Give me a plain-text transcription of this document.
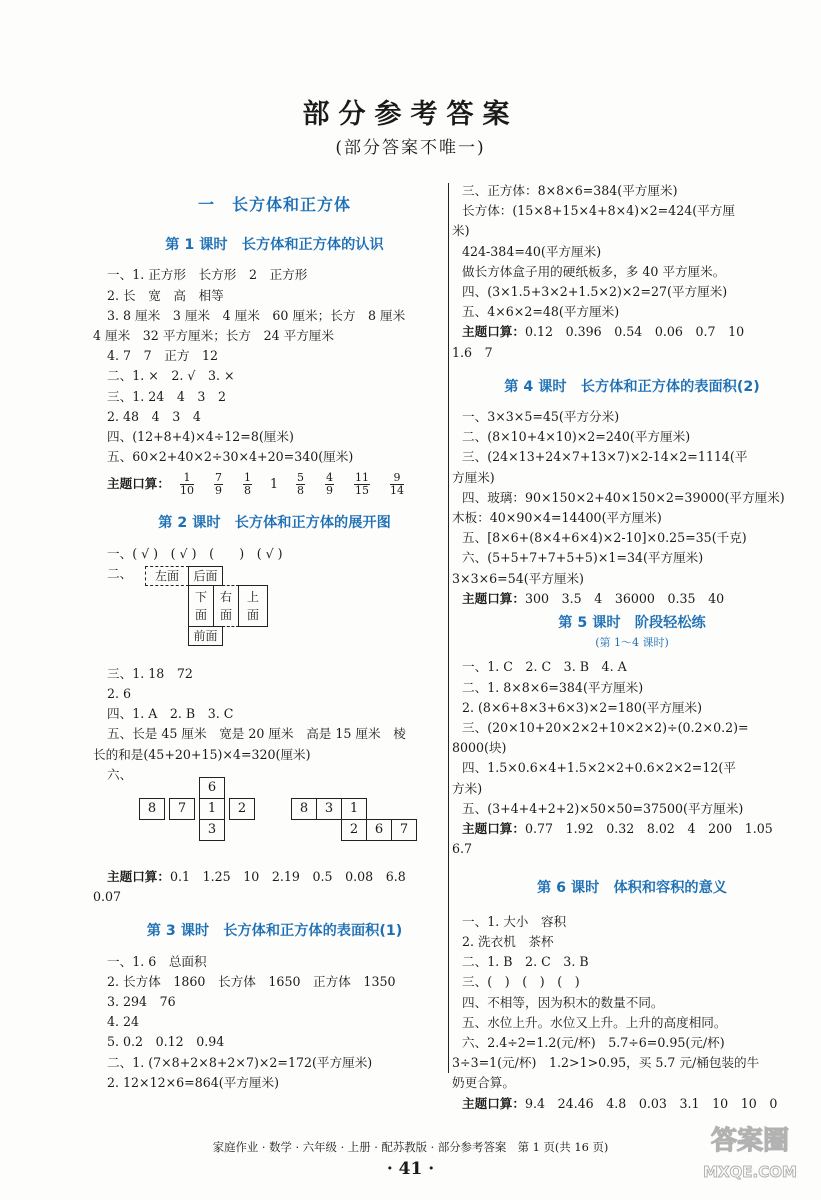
部分参考答案
(部分答案不唯一)

一　长方体和正方体

第 1 课时　长方体和正方体的认识

一、1. 正方形　长方形　2　正方形

2. 长　宽　高　相等

3. 8 厘米　3 厘米　4 厘米　60 厘米；长方　8 厘米

4 厘米　32 平方厘米；长方　24 平方厘米

4. 7　7　正方　12

二、1. ×　2. √　3. ×

三、1. 24　4　3　2

2. 48　4　3　4

四、(12+8+4)×4÷12=8(厘米)

五、60×2+40×2÷30×4+20=340(厘米)

主题口算： $\frac{1}{10} \frac{7}{9} \frac{1}{8} 1 \frac{5}{8} \frac{4}{9} \frac{11}{15} \frac{9}{14}$

第 2 课时　长方体和正方体的展开图

一、( √ )　( √ )　(　　)　( √ )

二、	左面	后面
下
面
右
面
上
面
前面

三、1. 18　72

2. 6

四、1. A　2. B　3. C

五、长是 45 厘米　宽是 20 厘米　高是 15 厘米　棱

长的和是(45+20+15)×4=320(厘米)

六、

6
8	7	1	2
3
8	3	1
2	6	7

主题口算：0.1　1.25　10　2.19　0.5　0.08　6.8

0.07

第 3 课时　长方体和正方体的表面积(1)

一、1. 6　总面积

2. 长方体　1860　长方体　1650　正方体　1350

3. 294　76

4. 24

5. 0.2　0.12　0.94

二、1. (7×8+2×8+2×7)×2=172(平方厘米)

2. 12×12×6=864(平方厘米)

三、正方体：8×8×6=384(平方厘米)

长方体：(15×8+15×4+8×4)×2=424(平方厘

米)

424-384=40(平方厘米)

做长方体盒子用的硬纸板多，多 40 平方厘米。

四、(3×1.5+3×2+1.5×2)×2=27(平方厘米)

五、4×6×2=48(平方厘米)

主题口算：0.12　0.396　0.54　0.06　0.7　10

1.6　7

第 4 课时　长方体和正方体的表面积(2)

一、3×3×5=45(平方分米)

二、(8×10+4×10)×2=240(平方厘米)

三、(24×13+24×7+13×7)×2-14×2=1114(平

方厘米)

四、玻璃：90×150×2+40×150×2=39000(平方厘米)

木板：40×90×4=14400(平方厘米)

五、[8×6+(8×4+6×4)×2-10]×0.25=35(千克)

六、(5+5+7+7+5+5)×1=34(平方厘米)

3×3×6=54(平方厘米)

主题口算：300　3.5　4　36000　0.35　40

第 5 课时　阶段轻松练

(第 1～4 课时)

一、1. C　2. C　3. B　4. A

二、1. 8×8×6=384(平方厘米)

2. (8×6+8×3+6×3)×2=180(平方厘米)

三、(20×10+20×2×2+10×2×2)÷(0.2×0.2)=

8000(块)

四、1.5×0.6×4+1.5×2×2+0.6×2×2=12(平

方米)

五、(3+4+4+2+2)×50×50=37500(平方厘米)

主题口算：0.77　1.92　0.32　8.02　4　200　1.05

6.7

第 6 课时　体积和容积的意义

一、1. 大小　容积

2. 洗衣机　茶杯

二、1. B　2. C　3. B

三、(　)　(　)　(　)

四、不相等，因为积木的数量不同。

五、水位上升。水位又上升。上升的高度相同。

六、2.4÷2=1.2(元/杯)　5.7÷6=0.95(元/杯)

3÷3=1(元/杯)　1.2>1>0.95，买 5.7 元/桶包装的牛

奶更合算。

主题口算：9.4　24.46　4.8　0.03　3.1　10　10　0

家庭作业 · 数学 · 六年级 · 上册 · 配苏教版 · 部分参考答案　第 1 页(共 16 页)
· 41 ·
答案圈
MXQE.COM
